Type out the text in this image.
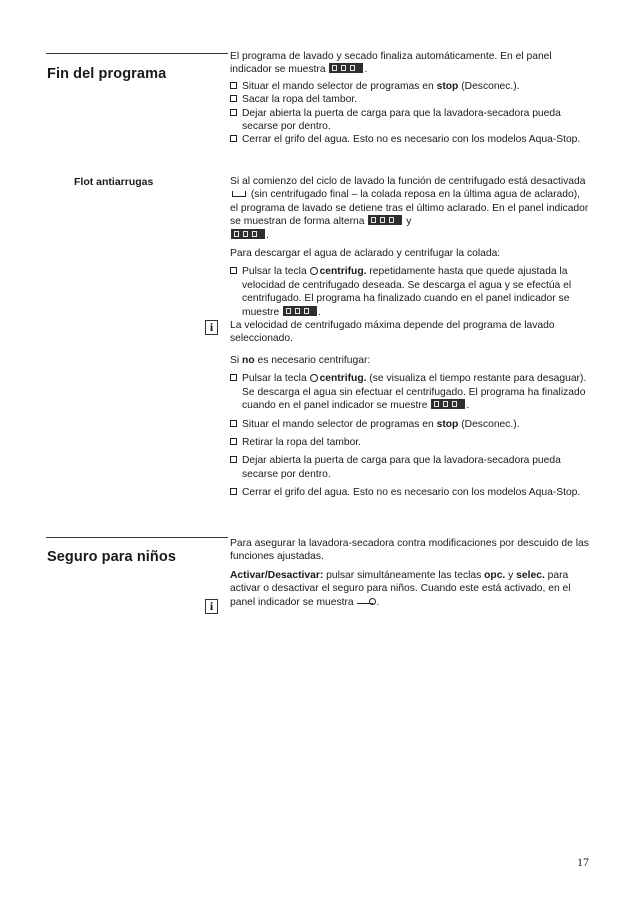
Fin del programa

El programa de lavado y secado finaliza automáticamente. En el panel indicador se muestra	.

Situar el mando selector de programas en stop (Desconec.).
Sacar la ropa del tambor.
Dejar abierta la puerta de carga para que la lavadora-secadora pueda secarse por dentro.
Cerrar el grifo del agua. Esto no es necesario con los modelos Aqua-Stop.
Flot antiarrugas	Si al comienzo del ciclo de lavado la función de centrifugado está desactivada  (sin centrifugado final – la colada reposa en la última agua de aclarado), el programa de lavado se detiene tras el último aclarado. En el panel indicador se muestran de forma alterna	y

.

Para descargar el agua de aclarado y centrifugar la colada:

Pulsar la tecla centrifug. repetidamente hasta que quede ajustada la velocidad de centrifugado deseada. Se descarga el agua y se efectúa el centrifugado. El programa ha finalizado cuando en el panel indicador se muestre	.

La velocidad de centrifugado máxima depende del programa de lavado seleccionado.

Si no es necesario centrifugar:

Pulsar la tecla centrifug. (se visualiza el tiempo restante para desaguar).
Se descarga el agua sin efectuar el centrifugado. El programa ha finalizado cuando en el panel indicador se muestre	.
Situar el mando selector de programas en stop (Desconec.).
Retirar la ropa del tambor.
Dejar abierta la puerta de carga para que la lavadora-secadora pueda secarse por dentro.
Cerrar el grifo del agua. Esto no es necesario con los modelos Aqua-Stop.
i
Seguro para niños

Para asegurar la lavadora-secadora contra modificaciones por descuido de las funciones ajustadas.

Activar/Desactivar: pulsar simultáneamente las teclas opc. y selec. para activar o desactivar el seguro para niños. Cuando este está activado, en el panel indicador se muestra .

i
17
